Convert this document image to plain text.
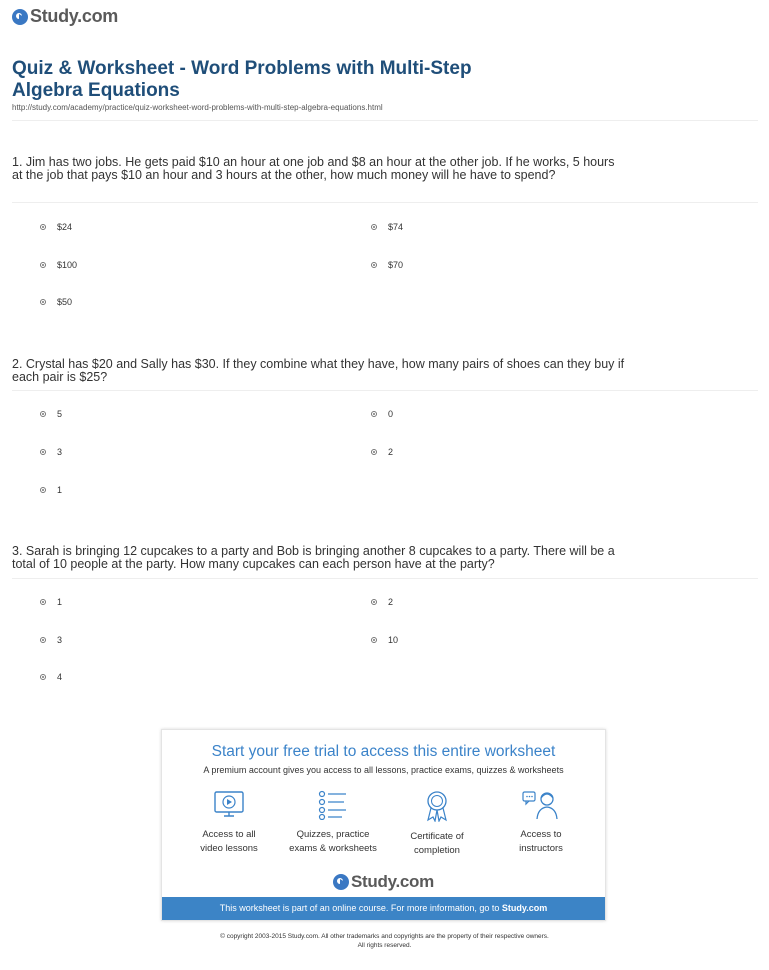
Study.com
Quiz & Worksheet - Word Problems with Multi-Step
Algebra Equations
http://study.com/academy/practice/quiz-worksheet-word-problems-with-multi-step-algebra-equations.html
1. Jim has two jobs. He gets paid $10 an hour at one job and $8 an hour at the other job. If he works, 5 hours at the job that pays $10 an hour and 3 hours at the other, how much money will he have to spend?
$24	$74
$100	$70
$50
2. Crystal has $20 and Sally has $30. If they combine what they have, how many pairs of shoes can they buy if each pair is $25?
5	0
3	2
1
3. Sarah is bringing 12 cupcakes to a party and Bob is bringing another 8 cupcakes to a party. There will be a total of 10 people at the party. How many cupcakes can each person have at the party?
1	2
3	10
4
Start your free trial to access this entire worksheet
A premium account gives you access to all lessons, practice exams, quizzes & worksheets
Access to all
video lessons
Quizzes, practice
exams & worksheets
Certificate of
completion
Access to
instructors
Study.com
This worksheet is part of an online course. For more information, go to Study.com
© copyright 2003-2015 Study.com. All other trademarks and copyrights are the property of their respective owners.
All rights reserved.
